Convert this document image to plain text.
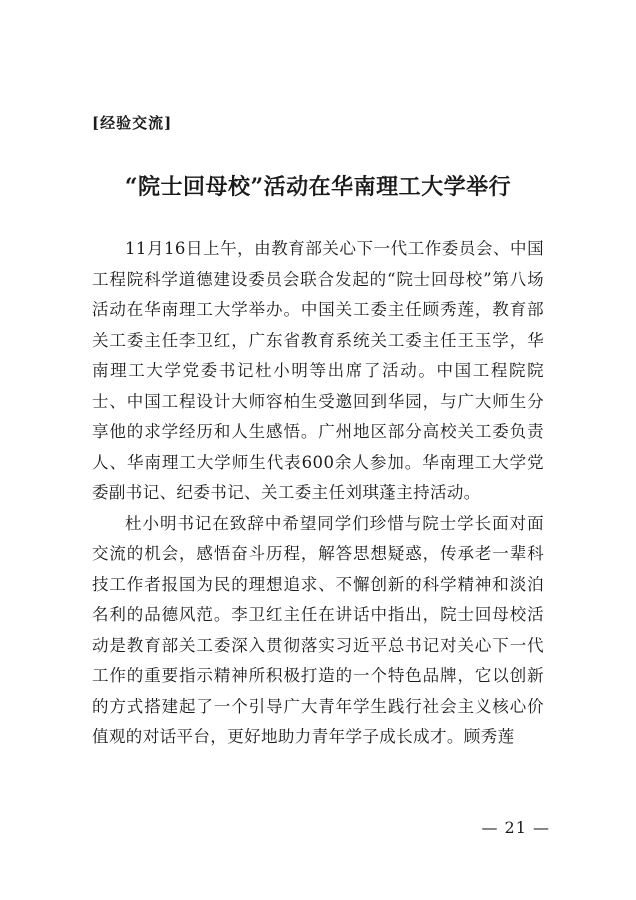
[经验交流]
“院士回母校”活动在华南理工大学举行

11月16日上午，由教育部关心下一代工作委员会、中国工程院科学道德建设委员会联合发起的“院士回母校”第八场活动在华南理工大学举办。中国关工委主任顾秀莲，教育部关工委主任李卫红，广东省教育系统关工委主任王玉学，华南理工大学党委书记杜小明等出席了活动。中国工程院院士、中国工程设计大师容柏生受邀回到华园，与广大师生分享他的求学经历和人生感悟。广州地区部分高校关工委负责人、华南理工大学师生代表600余人参加。华南理工大学党委副书记、纪委书记、关工委主任刘琪蓬主持活动。

杜小明书记在致辞中希望同学们珍惜与院士学长面对面交流的机会，感悟奋斗历程，解答思想疑惑，传承老一辈科技工作者报国为民的理想追求、不懈创新的科学精神和淡泊名利的品德风范。李卫红主任在讲话中指出，院士回母校活动是教育部关工委深入贯彻落实习近平总书记对关心下一代工作的重要指示精神所积极打造的一个特色品牌，它以创新的方式搭建起了一个引导广大青年学生践行社会主义核心价值观的对话平台，更好地助力青年学子成长成才。顾秀莲

— 21 —
